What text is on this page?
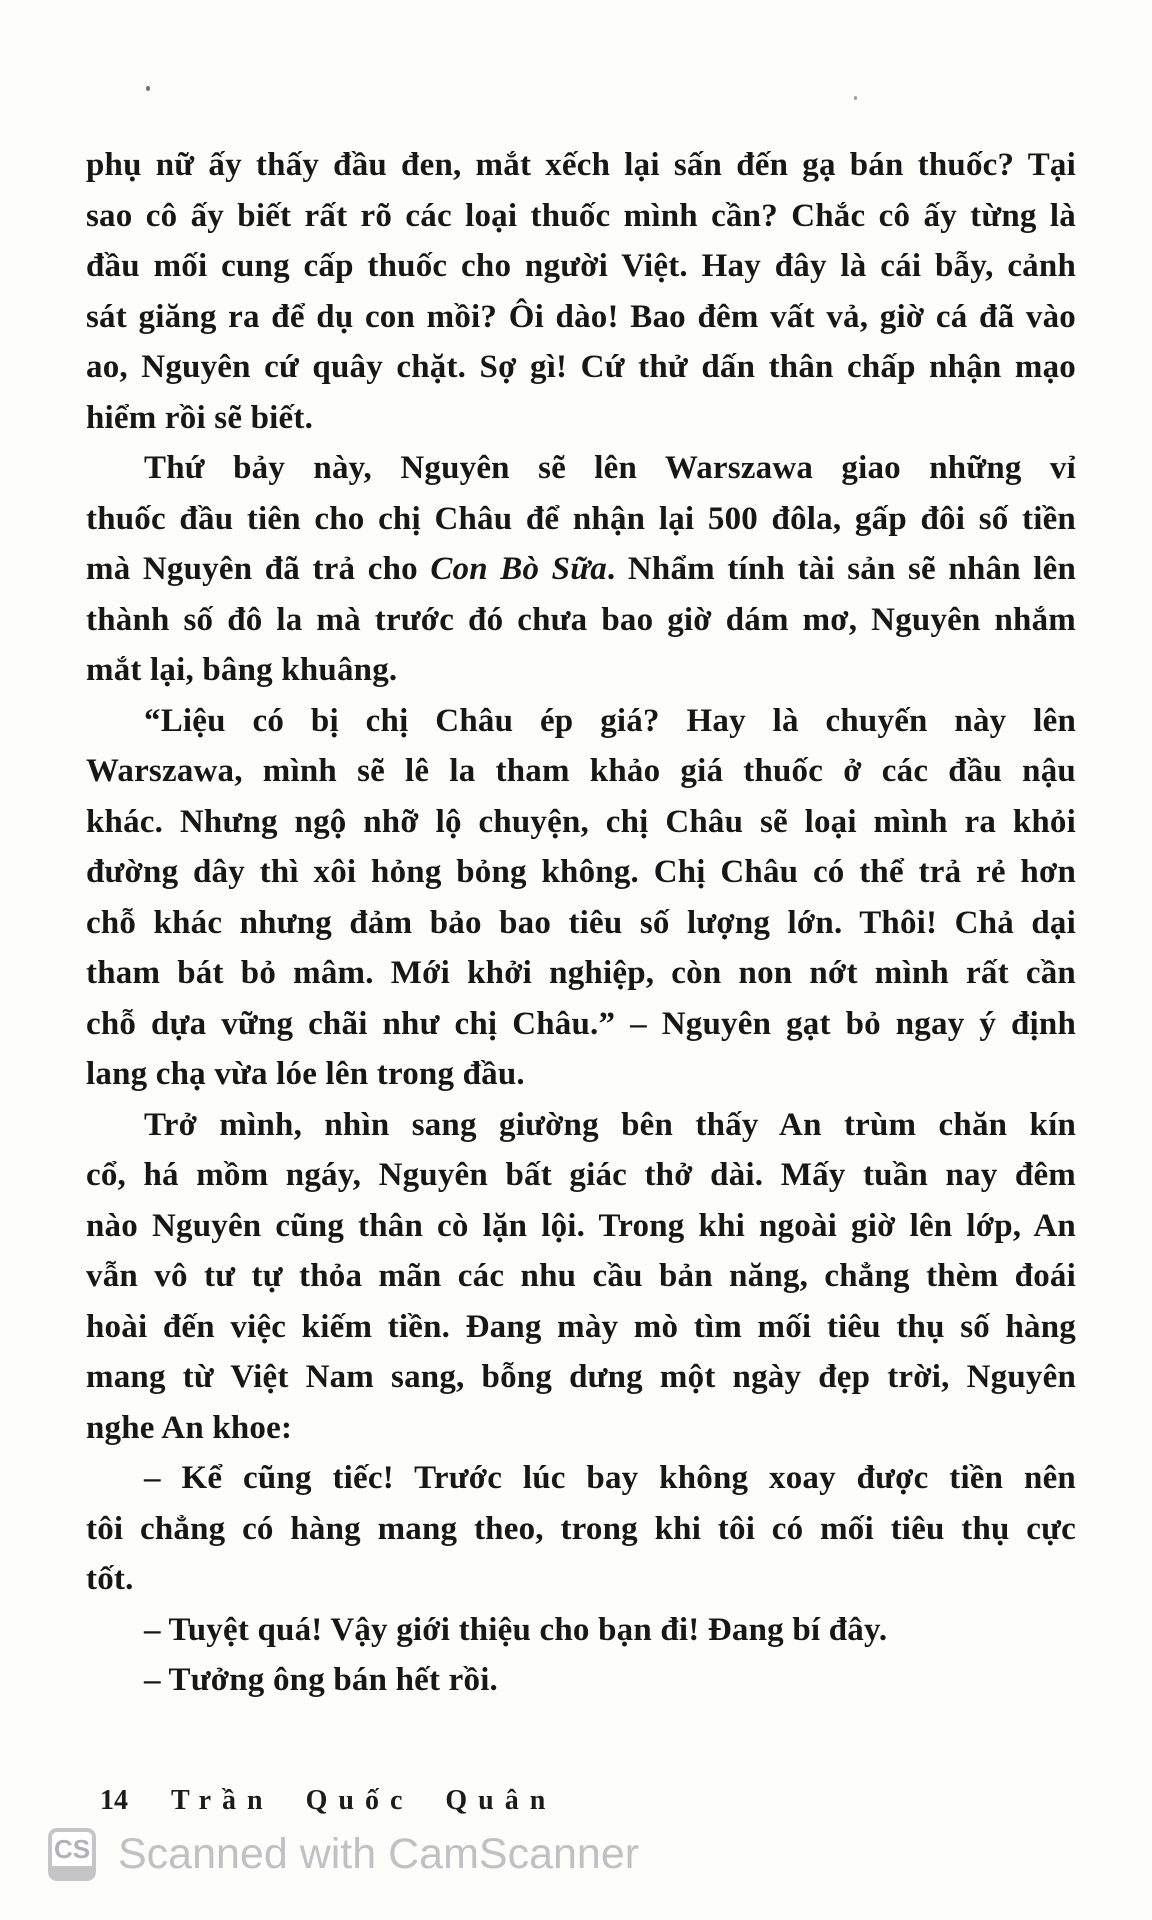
phụ nữ ấy thấy đầu đen, mắt xếch lại sấn đến gạ bán thuốc? Tại
sao cô ấy biết rất rõ các loại thuốc mình cần? Chắc cô ấy từng là
đầu mối cung cấp thuốc cho người Việt. Hay đây là cái bẫy, cảnh
sát giăng ra để dụ con mồi? Ôi dào! Bao đêm vất vả, giờ cá đã vào
ao, Nguyên cứ quây chặt. Sợ gì! Cứ thử dấn thân chấp nhận mạo
hiểm rồi sẽ biết.
Thứ bảy này, Nguyên sẽ lên Warszawa giao những vỉ
thuốc đầu tiên cho chị Châu để nhận lại 500 đôla, gấp đôi số tiền
mà Nguyên đã trả cho Con Bò Sữa. Nhẩm tính tài sản sẽ nhân lên
thành số đô la mà trước đó chưa bao giờ dám mơ, Nguyên nhắm
mắt lại, bâng khuâng.
“Liệu có bị chị Châu ép giá? Hay là chuyến này lên
Warszawa, mình sẽ lê la tham khảo giá thuốc ở các đầu nậu
khác. Nhưng ngộ nhỡ lộ chuyện, chị Châu sẽ loại mình ra khỏi
đường dây thì xôi hỏng bỏng không. Chị Châu có thể trả rẻ hơn
chỗ khác nhưng đảm bảo bao tiêu số lượng lớn. Thôi! Chả dại
tham bát bỏ mâm. Mới khởi nghiệp, còn non nớt mình rất cần
chỗ dựa vững chãi như chị Châu.” – Nguyên gạt bỏ ngay ý định
lang chạ vừa lóe lên trong đầu.
Trở mình, nhìn sang giường bên thấy An trùm chăn kín
cổ, há mồm ngáy, Nguyên bất giác thở dài. Mấy tuần nay đêm
nào Nguyên cũng thân cò lặn lội. Trong khi ngoài giờ lên lớp, An
vẫn vô tư tự thỏa mãn các nhu cầu bản năng, chẳng thèm đoái
hoài đến việc kiếm tiền. Đang mày mò tìm mối tiêu thụ số hàng
mang từ Việt Nam sang, bỗng dưng một ngày đẹp trời, Nguyên
nghe An khoe:
– Kể cũng tiếc! Trước lúc bay không xoay được tiền nên
tôi chẳng có hàng mang theo, trong khi tôi có mối tiêu thụ cực
tốt.
– Tuyệt quá! Vậy giới thiệu cho bạn đi! Đang bí đây.
– Tưởng ông bán hết rồi.
14 Trần Quốc Quân
CS Scanned with CamScanner
